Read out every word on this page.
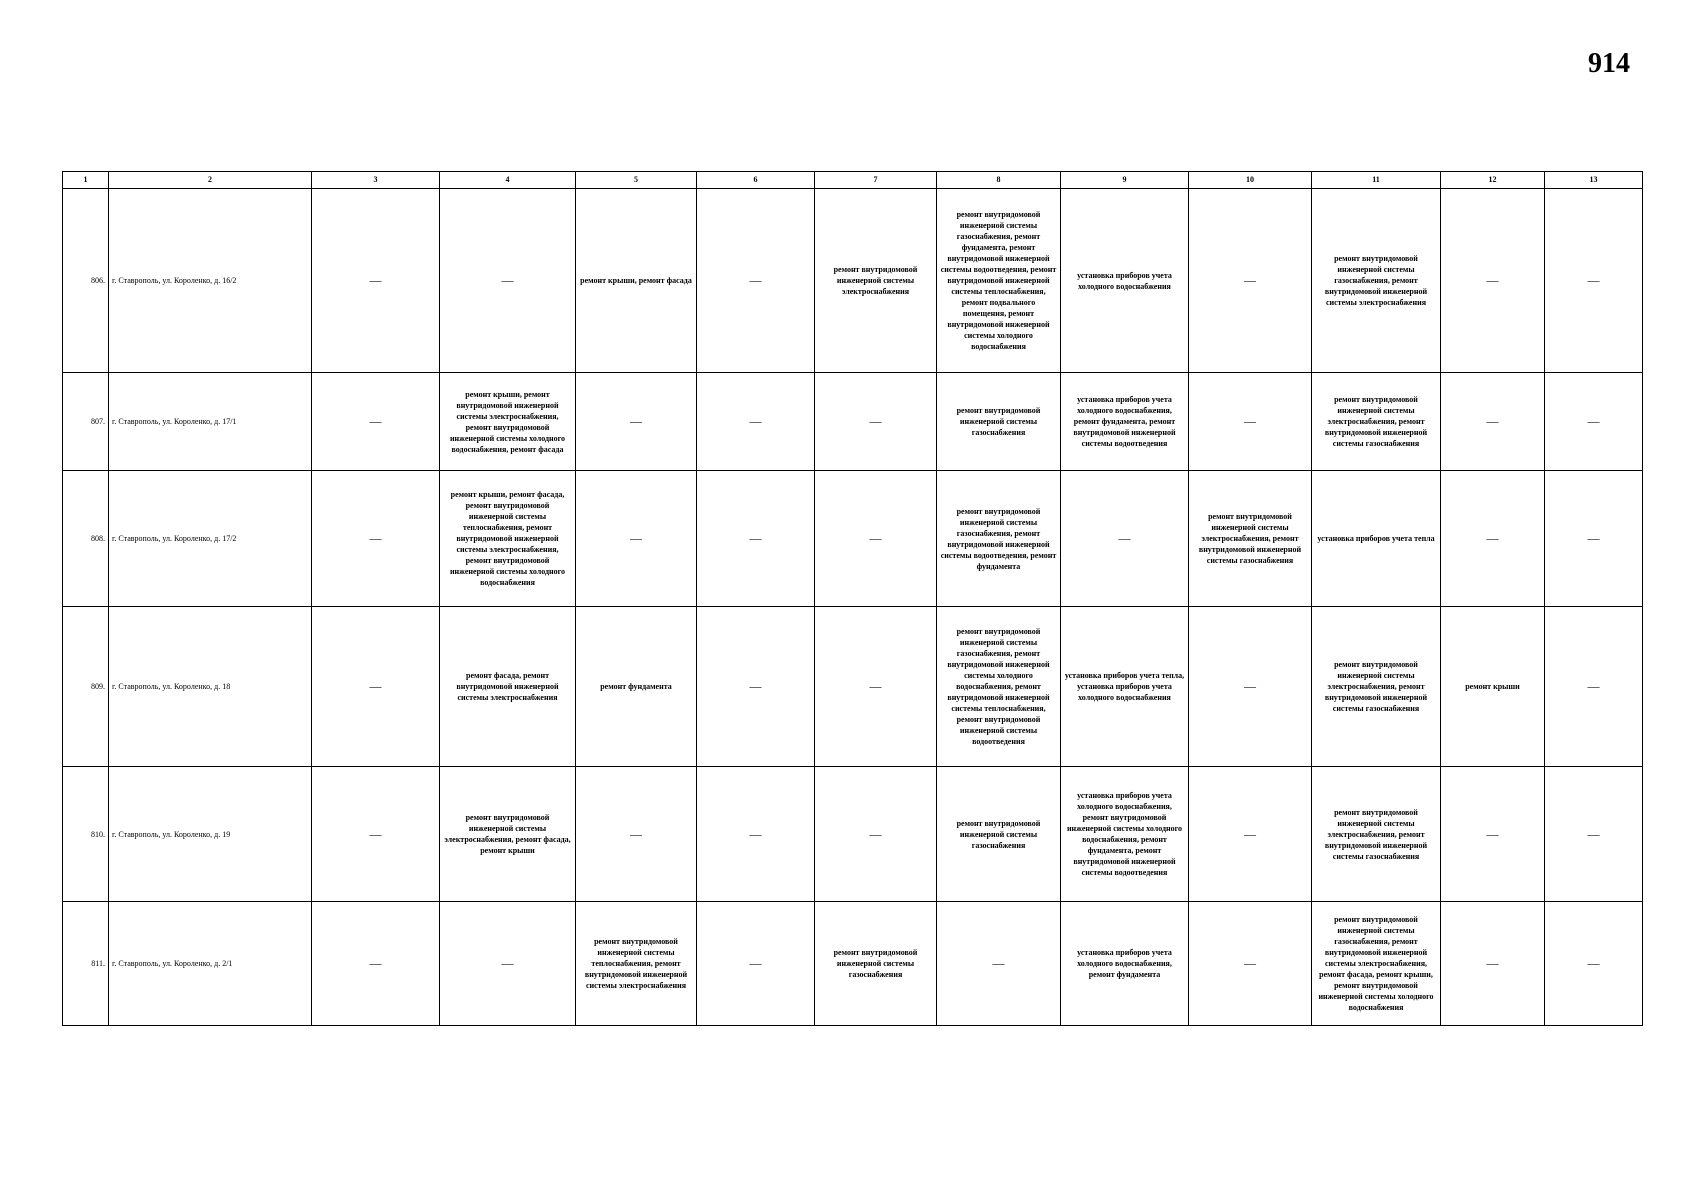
914
1	2	3	4	5	6	7	8	9	10	11	12	13
806.	г. Ставрополь, ул. Короленко, д. 16/2	—	—	ремонт крыши, ремонт фасада	—	ремонт внутридомовой инженерной системы электроснабжения	ремонт внутридомовой инженерной системы газоснабжения, ремонт фундамента, ремонт внутридомовой инженерной системы водоотведения, ремонт внутридомовой инженерной системы теплоснабжения, ремонт подвального помещения, ремонт внутридомовой инженерной системы холодного водоснабжения	установка приборов учета холодного водоснабжения	—	ремонт внутридомовой инженерной системы газоснабжения, ремонт внутридомовой инженерной системы электроснабжения	—	—
807.	г. Ставрополь, ул. Короленко, д. 17/1	—	ремонт крыши, ремонт внутридомовой инженерной системы электроснабжения, ремонт внутридомовой инженерной системы холодного водоснабжения, ремонт фасада	—	—	—	ремонт внутридомовой инженерной системы газоснабжения	установка приборов учета холодного водоснабжения, ремонт фундамента, ремонт внутридомовой инженерной системы водоотведения	—	ремонт внутридомовой инженерной системы электроснабжения, ремонт внутридомовой инженерной системы газоснабжения	—	—
808.	г. Ставрополь, ул. Короленко, д. 17/2	—	ремонт крыши, ремонт фасада, ремонт внутридомовой инженерной системы теплоснабжения, ремонт внутридомовой инженерной системы электроснабжения, ремонт внутридомовой инженерной системы холодного водоснабжения	—	—	—	ремонт внутридомовой инженерной системы газоснабжения, ремонт внутридомовой инженерной системы водоотведения, ремонт фундамента	—	ремонт внутридомовой инженерной системы электроснабжения, ремонт внутридомовой инженерной системы газоснабжения	установка приборов учета тепла	—	—
809.	г. Ставрополь, ул. Короленко, д. 18	—	ремонт фасада, ремонт внутридомовой инженерной системы электроснабжения	ремонт фундамента	—	—	ремонт внутридомовой инженерной системы газоснабжения, ремонт внутридомовой инженерной системы холодного водоснабжения, ремонт внутридомовой инженерной системы теплоснабжения, ремонт внутридомовой инженерной системы водоотведения	установка приборов учета тепла, установка приборов учета холодного водоснабжения	—	ремонт внутридомовой инженерной системы электроснабжения, ремонт внутридомовой инженерной системы газоснабжения	ремонт крыши	—
810.	г. Ставрополь, ул. Короленко, д. 19	—	ремонт внутридомовой инженерной системы электроснабжения, ремонт фасада, ремонт крыши	—	—	—	ремонт внутридомовой инженерной системы газоснабжения	установка приборов учета холодного водоснабжения, ремонт внутридомовой инженерной системы холодного водоснабжения, ремонт фундамента, ремонт внутридомовой инженерной системы водоотведения	—	ремонт внутридомовой инженерной системы электроснабжения, ремонт внутридомовой инженерной системы газоснабжения	—	—
811.	г. Ставрополь, ул. Короленко, д. 2/1	—	—	ремонт внутридомовой инженерной системы теплоснабжения, ремонт внутридомовой инженерной системы электроснабжения	—	ремонт внутридомовой инженерной системы газоснабжения	—	установка приборов учета холодного водоснабжения, ремонт фундамента	—	ремонт внутридомовой инженерной системы газоснабжения, ремонт внутридомовой инженерной системы электроснабжения, ремонт фасада, ремонт крыши, ремонт внутридомовой инженерной системы холодного водоснабжения	—	—
